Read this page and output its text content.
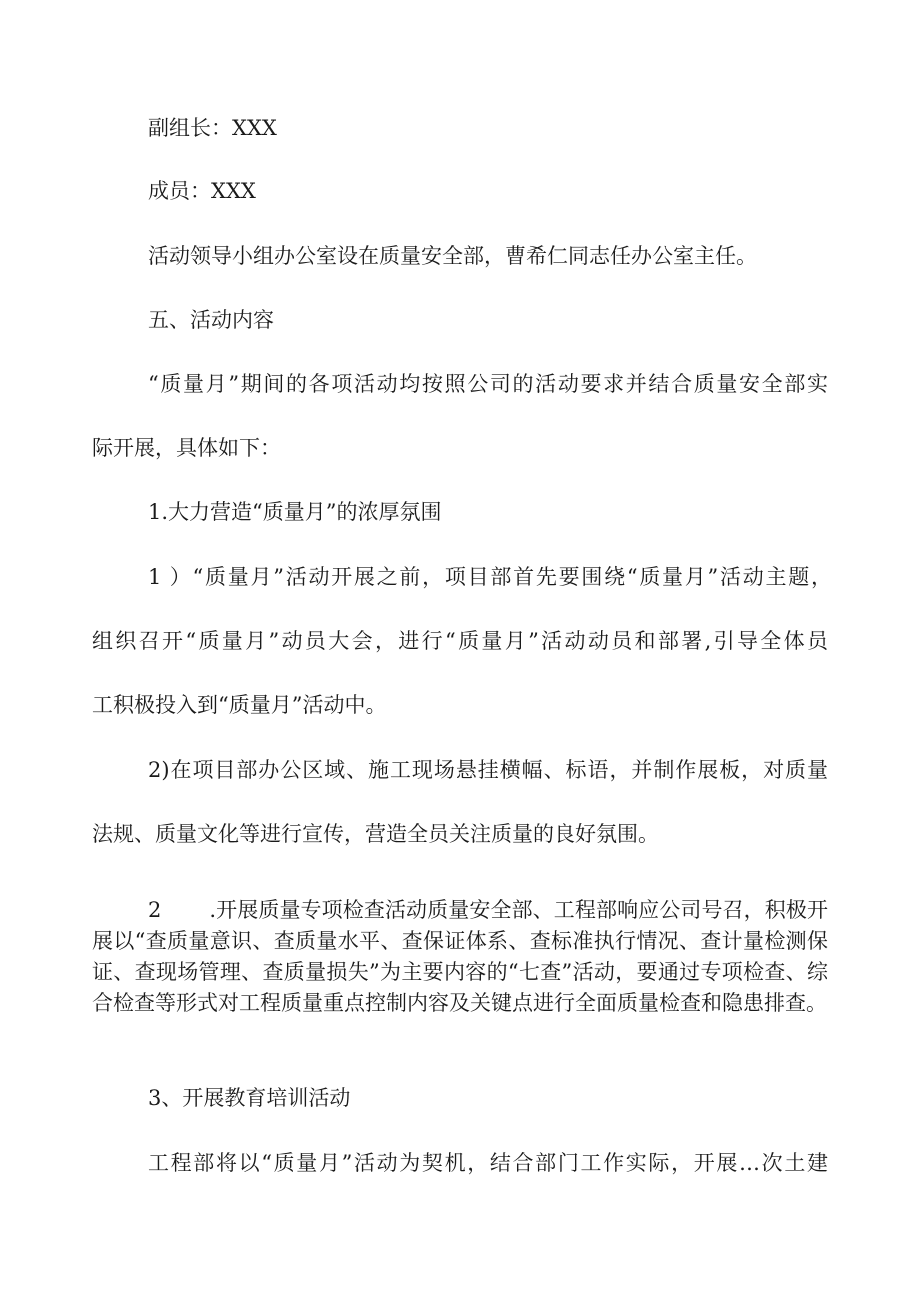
副组长：XXX

成员：XXX

活动领导小组办公室设在质量安全部，曹希仁同志任办公室主任。

五、活动内容

“质量月”期间的各项活动均按照公司的活动要求并结合质量安全部实

际开展，具体如下：

1.大力营造“质量月”的浓厚氛围

1 ）“质量月”活动开展之前，项目部首先要围绕“质量月”活动主题，

组织召开“质量月”动员大会，进行“质量月”活动动员和部署,引导全体员

工积极投入到“质量月”活动中。

2)在项目部办公区域、施工现场悬挂横幅、标语，并制作展板，对质量

法规、质量文化等进行宣传，营造全员关注质量的良好氛围。

2 .开展质量专项检查活动质量安全部、工程部响应公司号召，积极开展以“查质量意识、查质量水平、查保证体系、查标准执行情况、查计量检测保证、查现场管理、查质量损失”为主要内容的“七查”活动，要通过专项检查、综合检查等形式对工程质量重点控制内容及关键点进行全面质量检查和隐患排查。

3、开展教育培训活动

工程部将以“质量月”活动为契机，结合部门工作实际，开展…次土建
